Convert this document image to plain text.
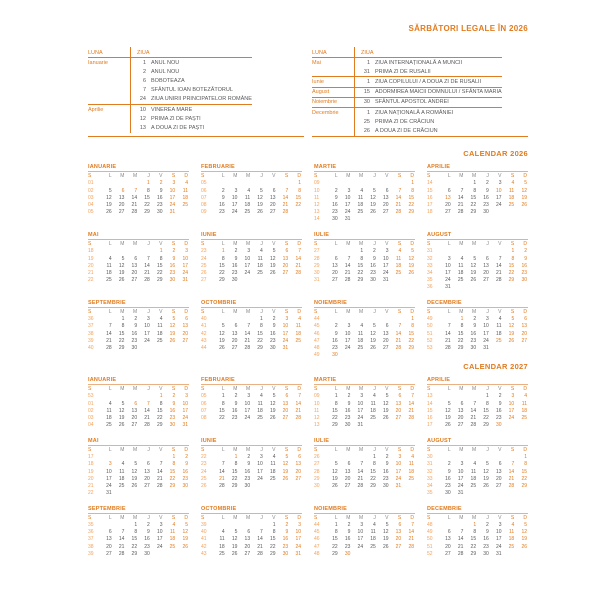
SĂRBĂTORI LEGALE ÎN 2026
LUNA	ZIUA
Ianuarie	1 ANUL NOU
	2 ANUL NOU
	6 BOBOTEAZA
	7 SFÂNTUL IOAN BOTEZĂTORUL
	24 ZIUA UNIRII PRINCIPATELOR ROMÂNE
Aprilie	10 VINEREA MARE
	12 PRIMA ZI DE PAȘTI
	13 A DOUA ZI DE PAȘTI
LUNA	ZIUA
Mai	1 ZIUA INTERNAȚIONALĂ A MUNCII
	31 PRIMA ZI DE RUSALII
Iunie	1 ZIUA COPILULUI / A DOUA ZI DE RUSALII
August	15 ADORMIREA MAICII DOMNULUI / SFÂNTA MARIA
Noiembrie	30 SFÂNTUL APOSTOL ANDREI
Decembrie	1 ZIUA NAȚIONALĂ A ROMÂNIEI
	25 PRIMA ZI DE CRĂCIUN
	26 A DOUA ZI DE CRĂCIUN
CALENDAR 2026
IANUARIE
S	L	M	M	J	V	S	D
01				1	2	3	4
02	5	6	7	8	9	10	11
03	12	13	14	15	16	17	18
04	19	20	21	22	23	24	25
05	26	27	28	29	30	31	
FEBRUARIE
S	L	M	M	J	V	S	D
05							1
06	2	3	4	5	6	7	8
07	9	10	11	12	13	14	15
08	16	17	18	19	20	21	22
09	23	24	25	26	27	28	
MARTIE
S	L	M	M	J	V	S	D
09							1
10	2	3	4	5	6	7	8
11	9	10	11	12	13	14	15
12	16	17	18	19	20	21	22
13	23	24	25	26	27	28	29
14	30	31					
APRILIE
S	L	M	M	J	V	S	D
14			1	2	3	4	5
15	6	7	8	9	10	11	12
16	13	14	15	16	17	18	19
17	20	21	22	23	24	25	26
18	27	28	29	30			
MAI
S	L	M	M	J	V	S	D
18					1	2	3
19	4	5	6	7	8	9	10
20	11	12	13	14	15	16	17
21	18	19	20	21	22	23	24
22	25	26	27	28	29	30	31
IUNIE
S	L	M	M	J	V	S	D
23	1	2	3	4	5	6	7
24	8	9	10	11	12	13	14
25	15	16	17	18	19	20	21
26	22	23	24	25	26	27	28
27	29	30					
IULIE
S	L	M	M	J	V	S	D
27			1	2	3	4	5
28	6	7	8	9	10	11	12
29	13	14	15	16	17	18	19
30	20	21	22	23	24	25	26
31	27	28	29	30	31		
AUGUST
S	L	M	M	J	V	S	D
31						1	2
32	3	4	5	6	7	8	9
33	10	11	12	13	14	15	16
34	17	18	19	20	21	22	23
35	24	25	26	27	28	29	30
36	31						
SEPTEMBRIE
S	L	M	M	J	V	S	D
36		1	2	3	4	5	6
37	7	8	9	10	11	12	13
38	14	15	16	17	18	19	20
39	21	22	23	24	25	26	27
40	28	29	30				
OCTOMBRIE
S	L	M	M	J	V	S	D
40				1	2	3	4
41	5	6	7	8	9	10	11
42	12	13	14	15	16	17	18
43	19	20	21	22	23	24	25
44	26	27	28	29	30	31	
NOIEMBRIE
S	L	M	M	J	V	S	D
44							1
45	2	3	4	5	6	7	8
46	9	10	11	12	13	14	15
47	16	17	18	19	20	21	22
48	23	24	25	26	27	28	29
49	30						
DECEMBRIE
S	L	M	M	J	V	S	D
49		1	2	3	4	5	6
50	7	8	9	10	11	12	13
51	14	15	16	17	18	19	20
52	21	22	23	24	25	26	27
53	28	29	30	31			
CALENDAR 2027
IANUARIE
S	L	M	M	J	V	S	D
53					1	2	3
01	4	5	6	7	8	9	10
02	11	12	13	14	15	16	17
03	18	19	20	21	22	23	24
04	25	26	27	28	29	30	31
FEBRUARIE
S	L	M	M	J	V	S	D
05	1	2	3	4	5	6	7
06	8	9	10	11	12	13	14
07	15	16	17	18	19	20	21
08	22	23	24	25	26	27	28
MARTIE
S	L	M	M	J	V	S	D
09	1	2	3	4	5	6	7
10	8	9	10	11	12	13	14
11	15	16	17	18	19	20	21
12	22	23	24	25	26	27	28
13	29	30	31				
APRILIE
S	L	M	M	J	V	S	D
13				1	2	3	4
14	5	6	7	8	9	10	11
15	12	13	14	15	16	17	18
16	19	20	21	22	23	24	25
17	26	27	28	29	30		
MAI
S	L	M	M	J	V	S	D
17						1	2
18	3	4	5	6	7	8	9
19	10	11	12	13	14	15	16
20	17	18	19	20	21	22	23
21	24	25	26	27	28	29	30
22	31						
IUNIE
S	L	M	M	J	V	S	D
22		1	2	3	4	5	6
23	7	8	9	10	11	12	13
24	14	15	16	17	18	19	20
25	21	22	23	24	25	26	27
26	28	29	30				
IULIE
S	L	M	M	J	V	S	D
26				1	2	3	4
27	5	6	7	8	9	10	11
28	12	13	14	15	16	17	18
29	19	20	21	22	23	24	25
30	26	27	28	29	30	31	
AUGUST
S	L	M	M	J	V	S	D
30							1
31	2	3	4	5	6	7	8
32	9	10	11	12	13	14	15
33	16	17	18	19	20	21	22
34	23	24	25	26	27	28	29
35	30	31					
SEPTEMBRIE
S	L	M	M	J	V	S	D
35			1	2	3	4	5
36	6	7	8	9	10	11	12
37	13	14	15	16	17	18	19
38	20	21	22	23	24	25	26
39	27	28	29	30			
OCTOMBRIE
S	L	M	M	J	V	S	D
39					1	2	3
40	4	5	6	7	8	9	10
41	11	12	13	14	15	16	17
42	18	19	20	21	22	23	24
43	25	26	27	28	29	30	31
NOIEMBRIE
S	L	M	M	J	V	S	D
44	1	2	3	4	5	6	7
45	8	9	10	11	12	13	14
46	15	16	17	18	19	20	21
47	22	23	24	25	26	27	28
48	29	30					
DECEMBRIE
S	L	M	M	J	V	S	D
48			1	2	3	4	5
49	6	7	8	9	10	11	12
50	13	14	15	16	17	18	19
51	20	21	22	23	24	25	26
52	27	28	29	30	31		
